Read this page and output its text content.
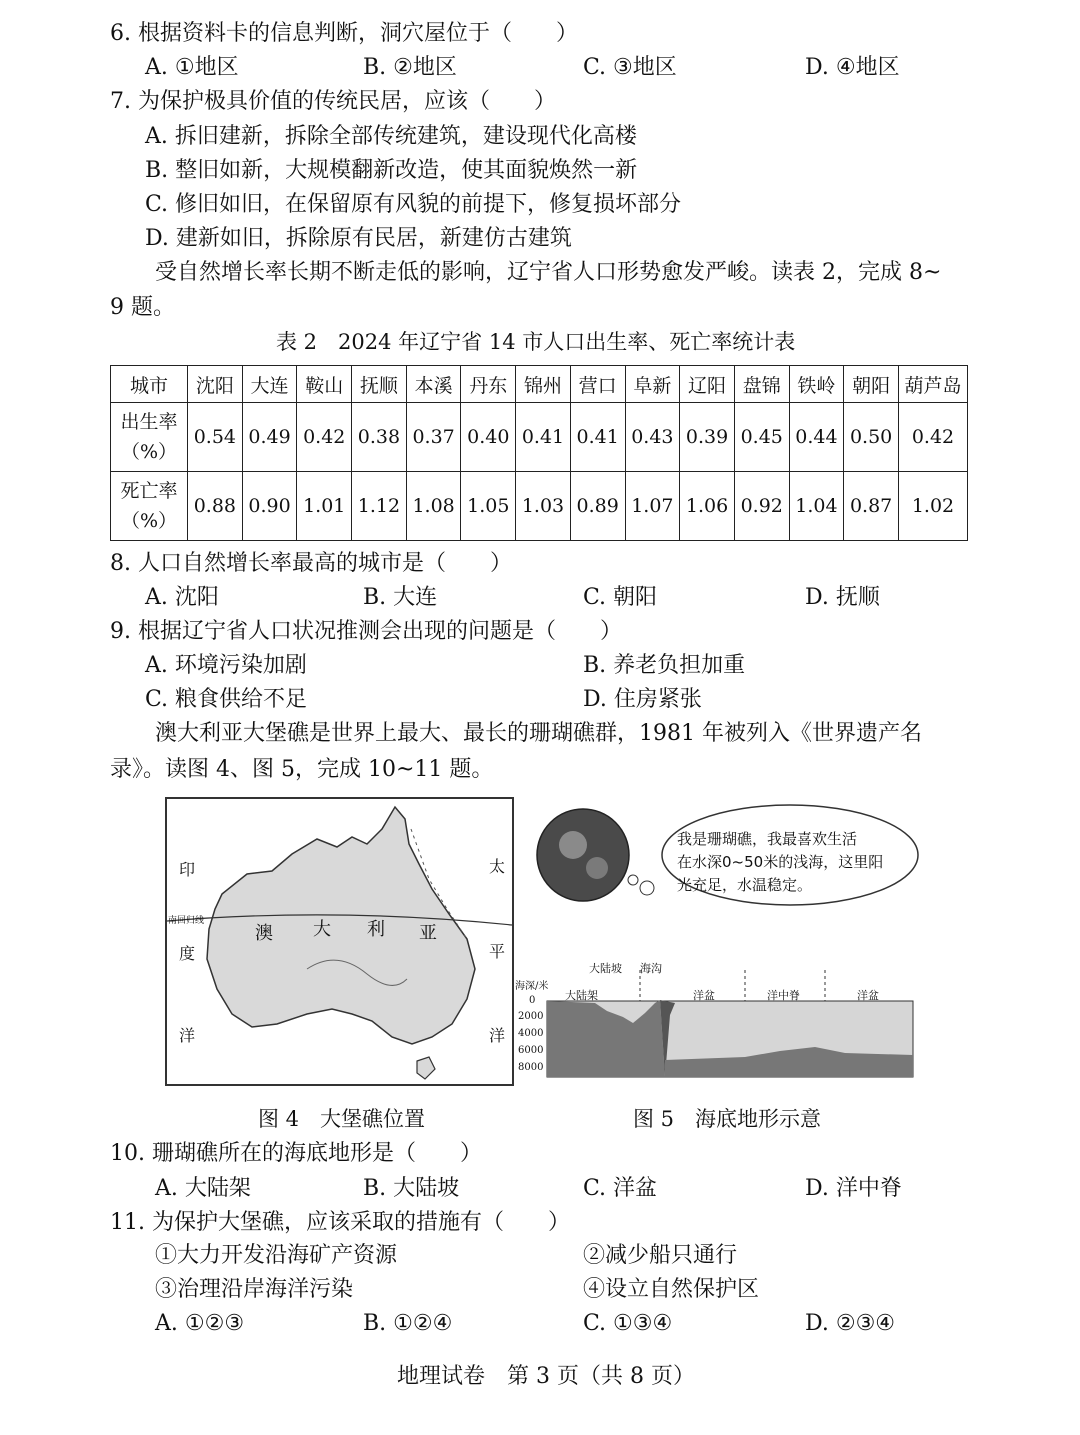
6. 根据资料卡的信息判断，洞穴屋位于（　　）
A. ①地区	B. ②地区	C. ③地区	D. ④地区
7. 为保护极具价值的传统民居，应该（　　）
A. 拆旧建新，拆除全部传统建筑，建设现代化高楼
B. 整旧如新，大规模翻新改造，使其面貌焕然一新
C. 修旧如旧，在保留原有风貌的前提下，修复损坏部分
D. 建新如旧，拆除原有民居，新建仿古建筑
受自然增长率长期不断走低的影响，辽宁省人口形势愈发严峻。读表 2，完成 8~
9 题。
表 2　2024 年辽宁省 14 市人口出生率、死亡率统计表
城市	沈阳	大连	鞍山	抚顺	本溪	丹东	锦州	营口	阜新	辽阳	盘锦	铁岭	朝阳	葫芦岛
出生率
（%）	0.54	0.49	0.42	0.38	0.37	0.40	0.41	0.41	0.43	0.39	0.45	0.44	0.50	0.42
死亡率
（%）	0.88	0.90	1.01	1.12	1.08	1.05	1.03	0.89	1.07	1.06	0.92	1.04	0.87	1.02
8. 人口自然增长率最高的城市是（　　）
A. 沈阳	B. 大连	C. 朝阳	D. 抚顺
9. 根据辽宁省人口状况推测会出现的问题是（　　）
A. 环境污染加剧	B. 养老负担加重
C. 粮食供给不足	D. 住房紧张
澳大利亚大堡礁是世界上最大、最长的珊瑚礁群，1981 年被列入《世界遗产名
录》。读图 4、图 5，完成 10~11 题。
印
度
洋
太
平
洋
南回归线
澳 大 利 亚
图 4　大堡礁位置
我是珊瑚礁，我最喜欢生活
在水深0~50米的浅海，这里阳
光充足，水温稳定。
海深/米
0
2000
4000
6000
8000
大陆架
大陆坡 海沟
洋盆	洋中脊	洋盆
图 5　海底地形示意
10. 珊瑚礁所在的海底地形是（　　）
A. 大陆架	B. 大陆坡	C. 洋盆	D. 洋中脊
11. 为保护大堡礁，应该采取的措施有（　　）
①大力开发沿海矿产资源	②减少船只通行
③治理沿岸海洋污染	④设立自然保护区
A. ①②③	B. ①②④	C. ①③④	D. ②③④
地理试卷　第 3 页（共 8 页）
